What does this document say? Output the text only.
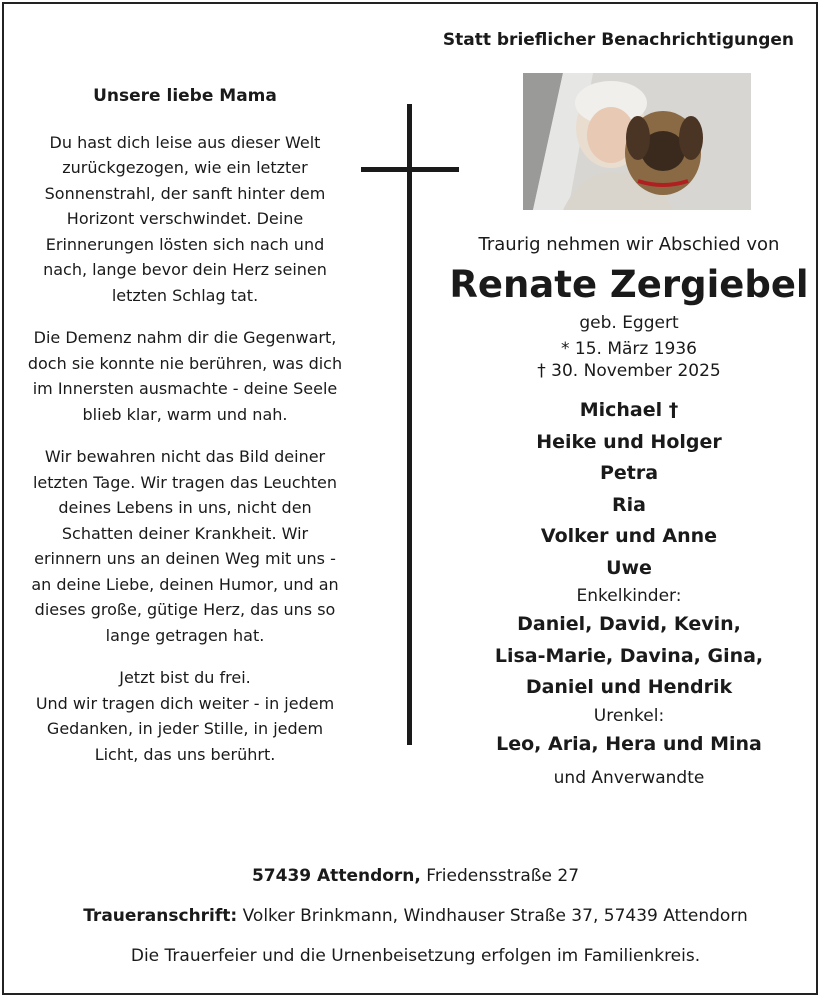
Statt brieflicher Benachrichtigungen
Unsere liebe Mama

Du hast dich leise aus dieser Welt zurückgezogen, wie ein letzter Sonnenstrahl, der sanft hinter dem Horizont verschwindet. Deine Erinnerungen lösten sich nach und nach, lange bevor dein Herz seinen letzten Schlag tat.

Die Demenz nahm dir die Gegenwart, doch sie konnte nie berühren, was dich im Innersten ausmachte - deine Seele blieb klar, warm und nah.

Wir bewahren nicht das Bild deiner letzten Tage. Wir tragen das Leuchten deines Lebens in uns, nicht den Schatten deiner Krankheit. Wir erinnern uns an deinen Weg mit uns - an deine Liebe, deinen Humor, und an dieses große, gütige Herz, das uns so lange getragen hat.

Jetzt bist du frei.
Und wir tragen dich weiter - in jedem Gedanken, in jeder Stille, in jedem Licht, das uns berührt.

Traurig nehmen wir Abschied von
Renate Zergiebel
geb. Eggert
* 15. März 1936
† 30. November 2025
Michael †
Heike und Holger
Petra
Ria
Volker und Anne
Uwe
Enkelkinder:
Daniel, David, Kevin,
Lisa-Marie, Davina, Gina,
Daniel und Hendrik
Urenkel:
Leo, Aria, Hera und Mina
und Anverwandte
57439 Attendorn, Friedensstraße 27
Traueranschrift: Volker Brinkmann, Windhauser Straße 37, 57439 Attendorn
Die Trauerfeier und die Urnenbeisetzung erfolgen im Familienkreis.
